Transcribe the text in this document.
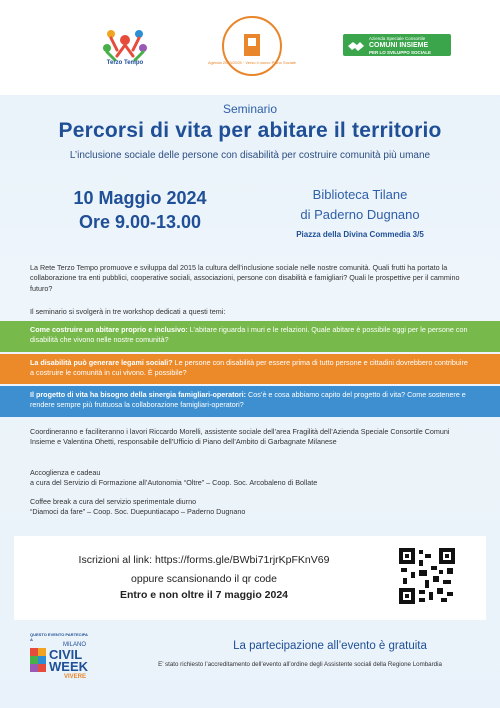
Terzo Tempo	Agenda 2023/2025 · Verso il nuovo Piano Sociale
Azienda Speciale Consortile
COMUNI INSIEME
PER LO SVILUPPO SOCIALE
Seminario
Percorsi di vita per abitare il territorio
L’inclusione sociale delle persone con disabilità per costruire comunità più umane
10 Maggio 2024
Ore 9.00-13.00
Biblioteca Tilane
di Paderno Dugnano
Piazza della Divina Commedia 3/5
La Rete Terzo Tempo promuove e sviluppa dal 2015 la cultura dell’inclusione sociale nelle nostre comunità. Quali frutti ha portato la collaborazione tra enti pubblici, cooperative sociali, associazioni, persone con disabilità e famigliari? Quali le prospettive per il cammino futuro?
Il seminario si svolgerà in tre workshop dedicati a questi temi:
Come costruire un abitare proprio e inclusivo: L’abitare riguarda i muri e le relazioni. Quale abitare è possibile oggi per le persone con disabilità che vivono nelle nostre comunità?
La disabilità può generare legami sociali? Le persone con disabilità per essere prima di tutto persone e cittadini dovrebbero contribuire a costruire le comunità in cui vivono. È possibile?
Il progetto di vita ha bisogno della sinergia famigliari-operatori: Cos’è e cosa abbiamo capito del progetto di vita? Come sostenere e rendere sempre più fruttuosa la collaborazione famigliari-operatori?
Coordineranno e faciliteranno i lavori Riccardo Morelli, assistente sociale dell’area Fragilità dell’Azienda Speciale Consortile Comuni Insieme e Valentina Ohetti, responsabile dell’Ufficio di Piano dell’Ambito di Garbagnate Milanese
Accoglienza e cadeau
a cura del Servizio di Formazione all’Autonomia “Oltre” – Coop. Soc. Arcobaleno di Bollate
Coffee break a cura del servizio sperimentale diurno
“Diamoci da fare” – Coop. Soc. Duepuntiacapo – Paderno Dugnano
Iscrizioni al link: https://forms.gle/BWbi71rjrKpFKnV69
oppure scansionando il qr code
Entro e non oltre il 7 maggio 2024
QUESTO EVENTO PARTECIPA A
MILANO
CIVIL
WEEK
VIVERE
La partecipazione all’evento è gratuita
E’ stato richiesto l’accreditamento dell’evento all’ordine degli Assistente sociali della Regione Lombardia
